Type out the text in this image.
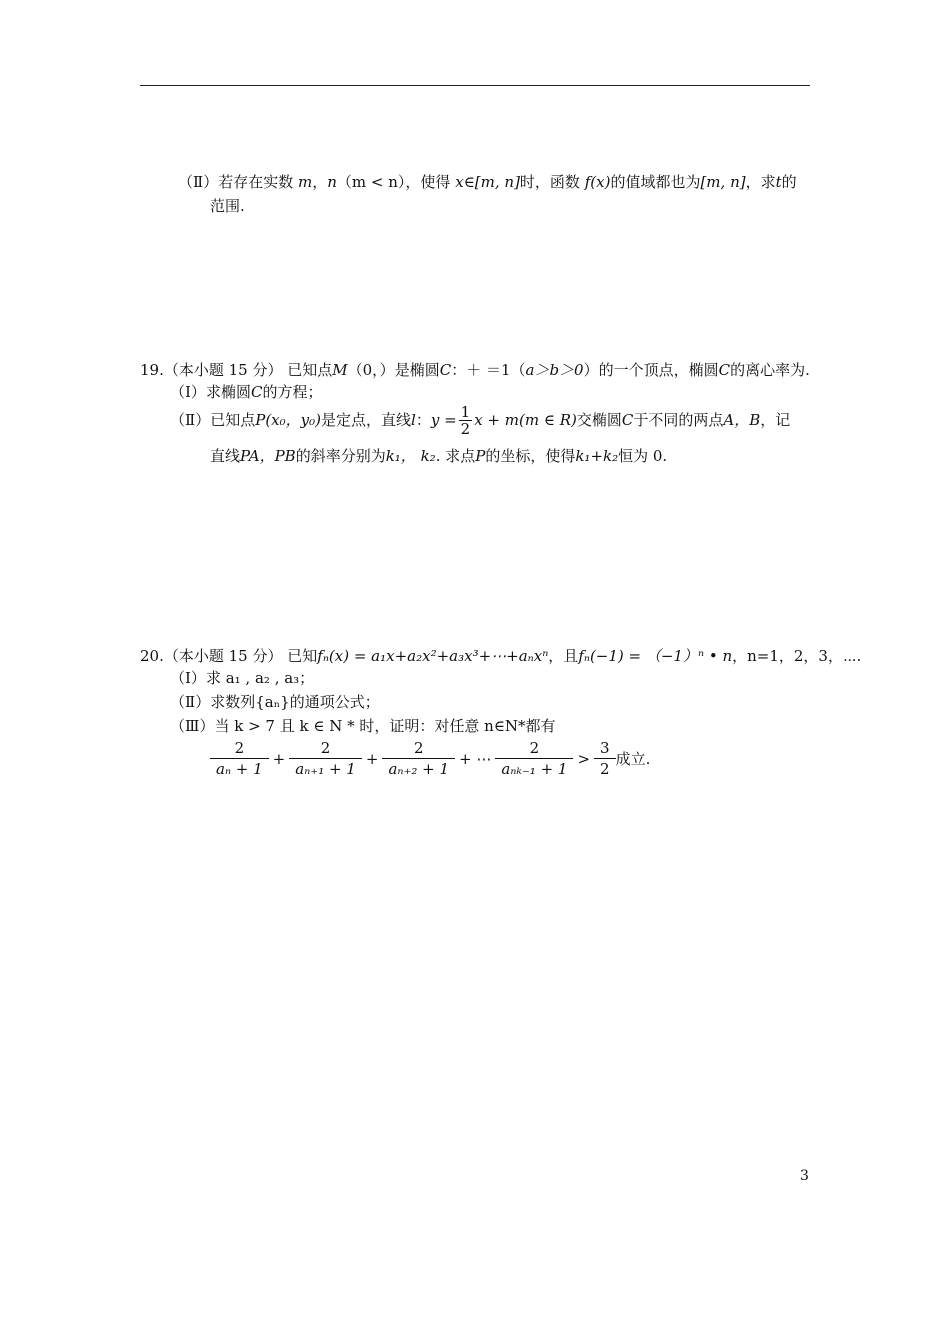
（Ⅱ）若存在实数 m，n（m < n），使得 x∈[m, n]时，函数 f(x)的值域都也为[m, n]，求t的
范围.
19.（本小题 15 分） 已知点M（0，）是椭圆C：＋ ＝1（a＞b＞0）的一个顶点，椭圆C的离心率为.
（Ⅰ）求椭圆C的方程；
（Ⅱ） 已知点 P (x₀，y₀) 是定点，直线 l ： $y = \frac{1}{2}$ x + m(m ∈ R) 交椭圆 C 于不同的两点 A，B ，记
直线PA，PB的斜率分别为k₁， k₂. 求点P的坐标，使得k₁+k₂恒为 0.
20.（本小题 15 分） 已知fₙ(x) = a₁x+a₂x²+a₃x³+⋯+aₙxⁿ，且fₙ(−1) = （−1）ⁿ • n，n=1，2，3，⋯.
（Ⅰ）求 a₁ , a₂ , a₃；
（Ⅱ）求数列{aₙ}的通项公式；
（Ⅲ）当 k > 7 且 k ∈ N * 时，证明：对任意 n∈N*都有
$\frac{2}{\text{aₙ + 1}} + \frac{2}{\text{aₙ₊₁ + 1}} + \frac{2}{\text{aₙ₊₂ + 1}}$ + ⋯ $\frac{2}{\text{aₙₖ₋₁ + 1}} > \frac{3}{2}$ 成立.
3
